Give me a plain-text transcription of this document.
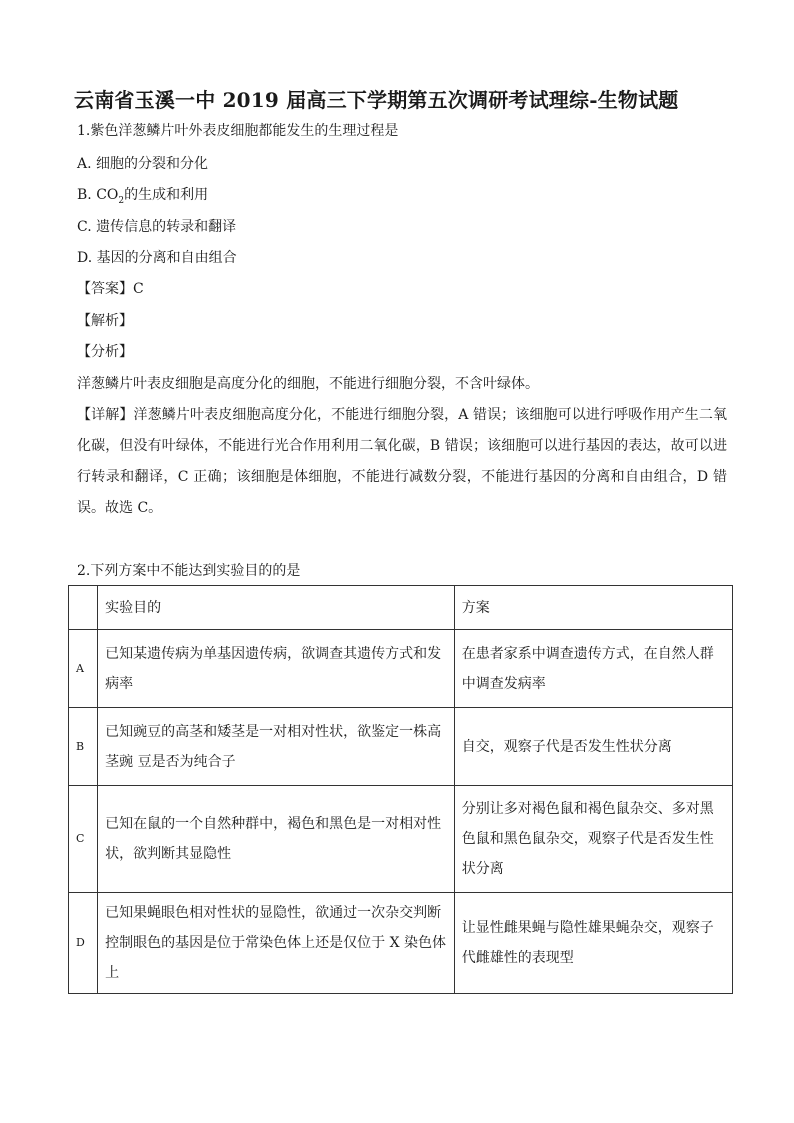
云南省玉溪一中 2019 届高三下学期第五次调研考试理综-生物试题
1.紫色洋葱鳞片叶外表皮细胞都能发生的生理过程是
A. 细胞的分裂和分化
B. $CO_2$的生成和利用
C. 遗传信息的转录和翻译
D. 基因的分离和自由组合
【答案】C
【解析】
【分析】
洋葱鳞片叶表皮细胞是高度分化的细胞，不能进行细胞分裂，不含叶绿体。
【详解】洋葱鳞片叶表皮细胞高度分化，不能进行细胞分裂，A 错误；该细胞可以进行呼吸作用产生二氧化碳，但没有叶绿体，不能进行光合作用利用二氧化碳，B 错误；该细胞可以进行基因的表达，故可以进行转录和翻译，C 正确；该细胞是体细胞，不能进行减数分裂，不能进行基因的分离和自由组合，D 错误。故选 C。
2.下列方案中不能达到实验目的的是
	实验目的	方案
A	已知某遗传病为单基因遗传病，欲调查其遗传方式和发病率	在患者家系中调查遗传方式，在自然人群中调查发病率
B	已知豌豆的高茎和矮茎是一对相对性状，欲鉴定一株高茎豌 豆是否为纯合子	自交，观察子代是否发生性状分离
C	已知在鼠的一个自然种群中，褐色和黑色是一对相对性状，欲判断其显隐性	分别让多对褐色鼠和褐色鼠杂交、多对黑色鼠和黑色鼠杂交，观察子代是否发生性状分离
D	已知果蝇眼色相对性状的显隐性，欲通过一次杂交判断控制眼色的基因是位于常染色体上还是仅位于 X 染色体上	让显性雌果蝇与隐性雄果蝇杂交，观察子代雌雄性的表现型
